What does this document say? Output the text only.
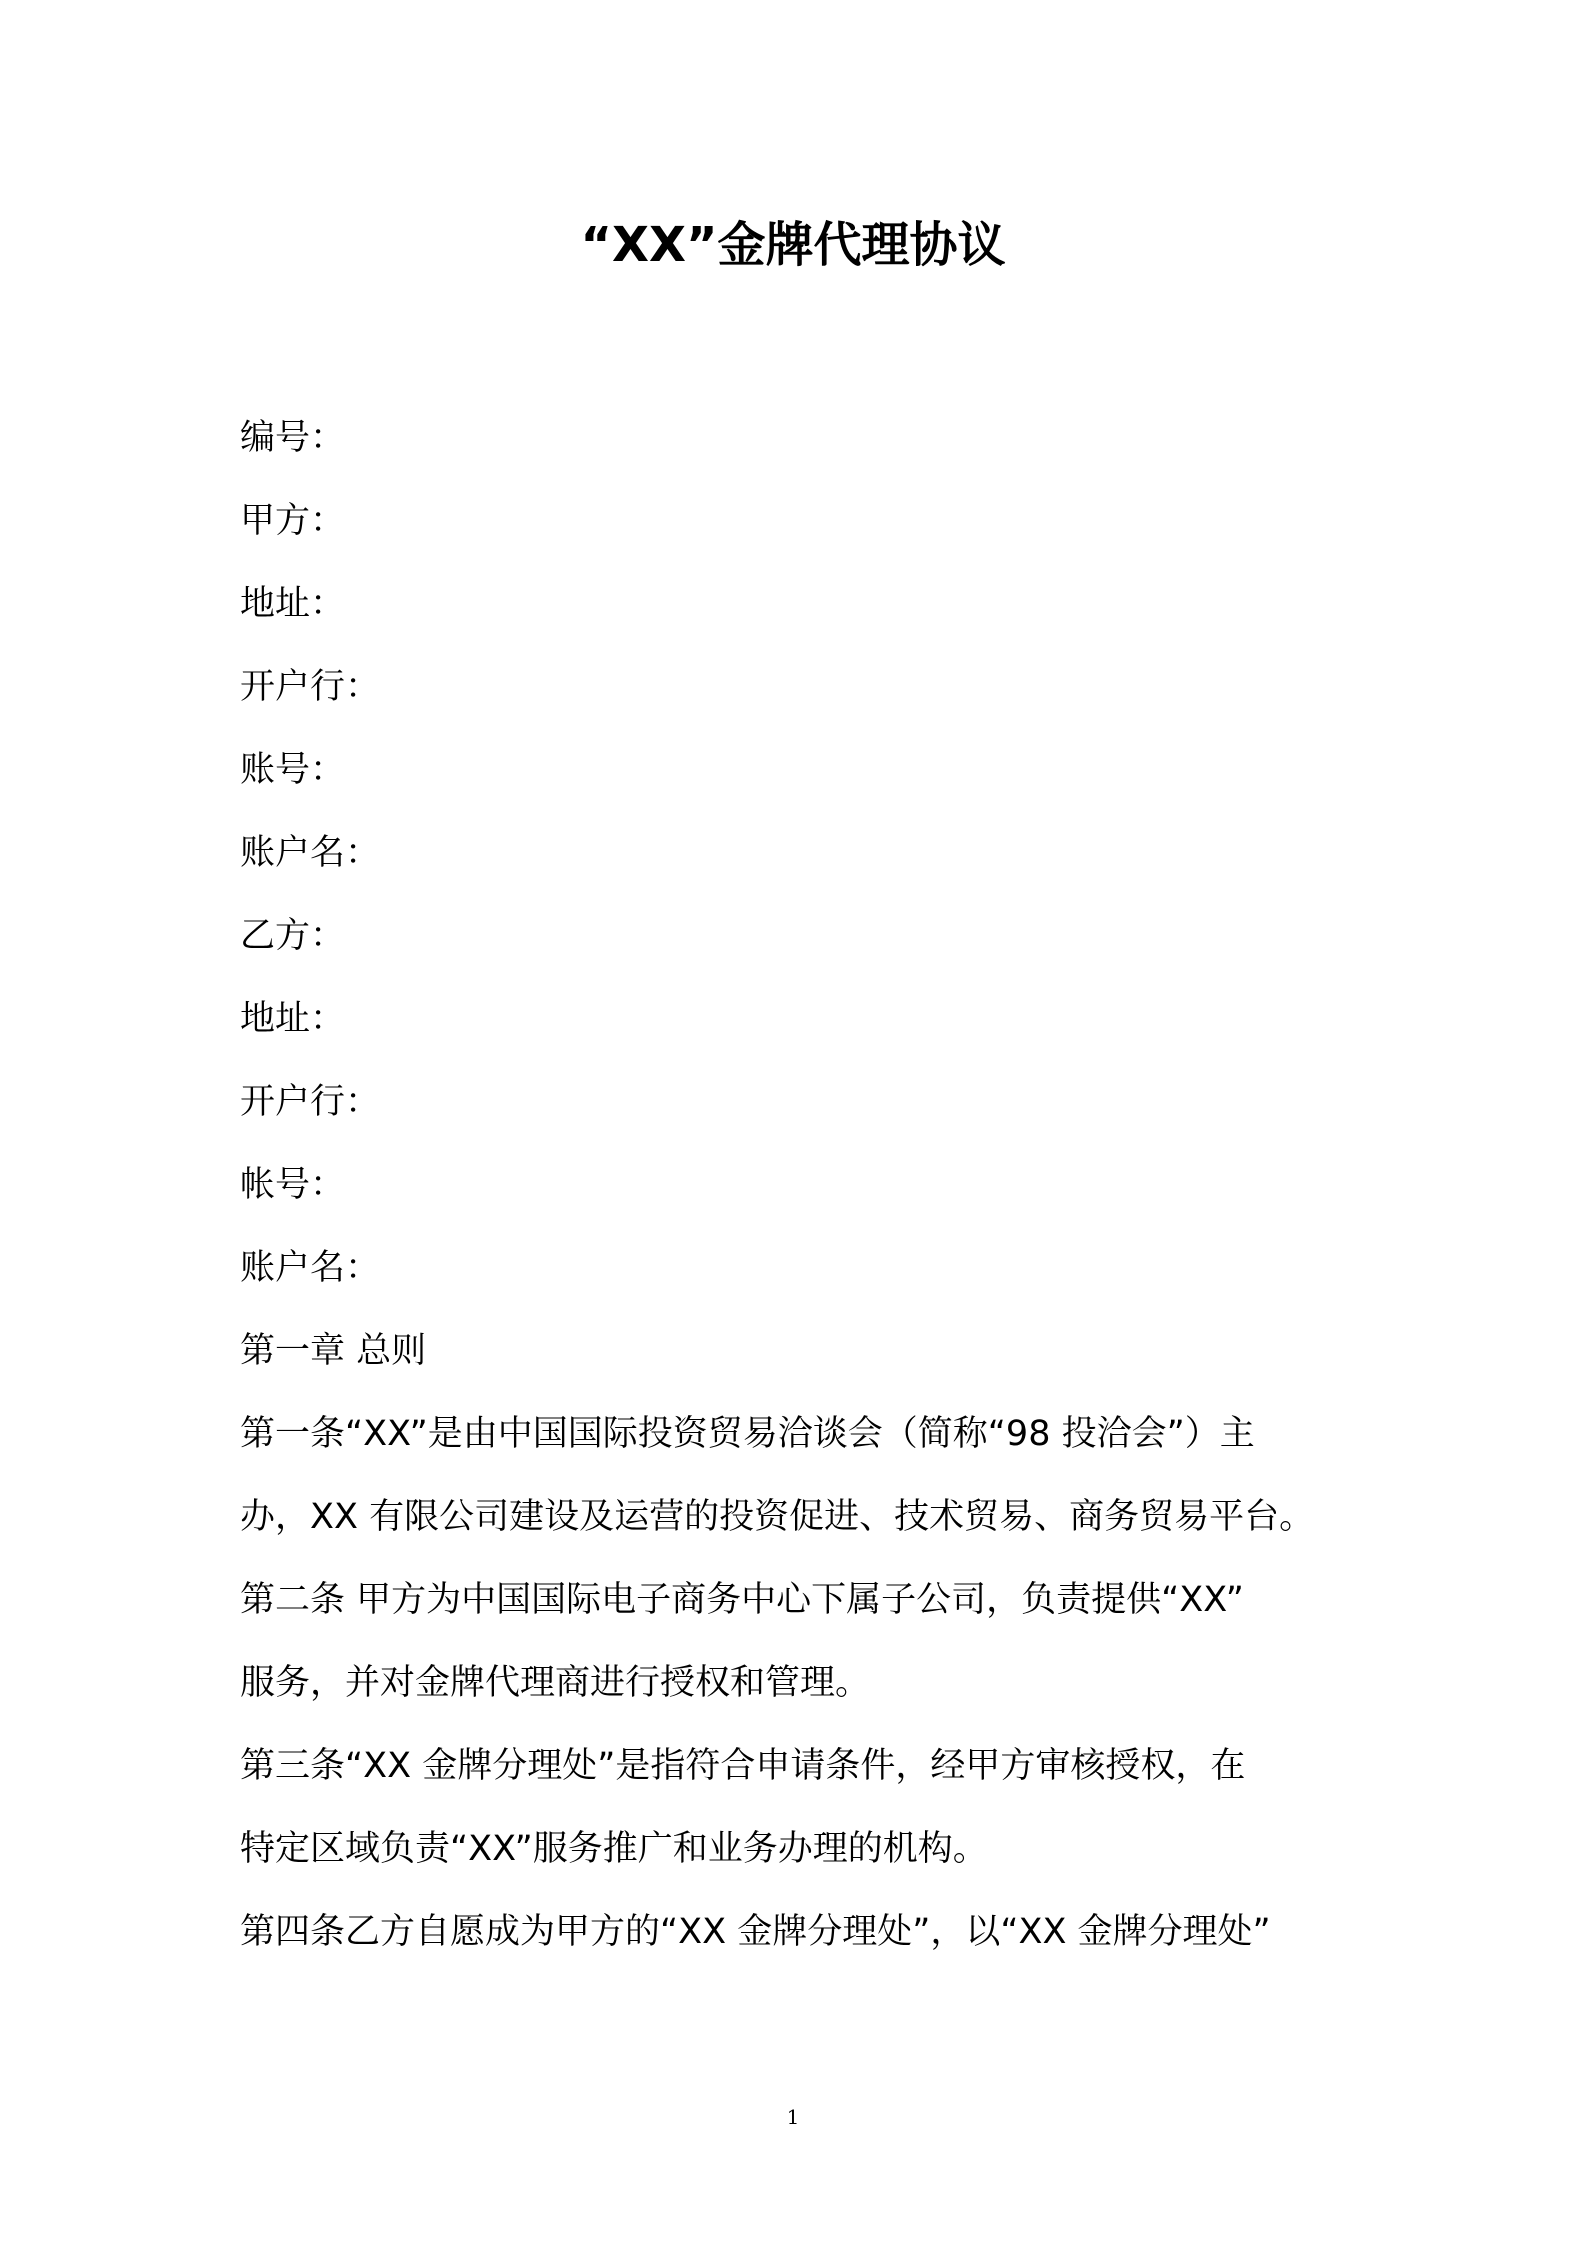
“XX”金牌代理协议
编号：
甲方：
地址：
开户行：
账号：
账户名：
乙方：
地址：
开户行：
帐号：
账户名：
第一章 总则
第一条“XX”是由中国国际投资贸易洽谈会（简称“98 投洽会”）主
办，XX 有限公司建设及运营的投资促进、技术贸易、商务贸易平台。
第二条 甲方为中国国际电子商务中心下属子公司，负责提供“XX”
服务，并对金牌代理商进行授权和管理。
第三条“XX 金牌分理处”是指符合申请条件，经甲方审核授权，在
特定区域负责“XX”服务推广和业务办理的机构。
第四条乙方自愿成为甲方的“XX 金牌分理处”，以“XX 金牌分理处”
1
